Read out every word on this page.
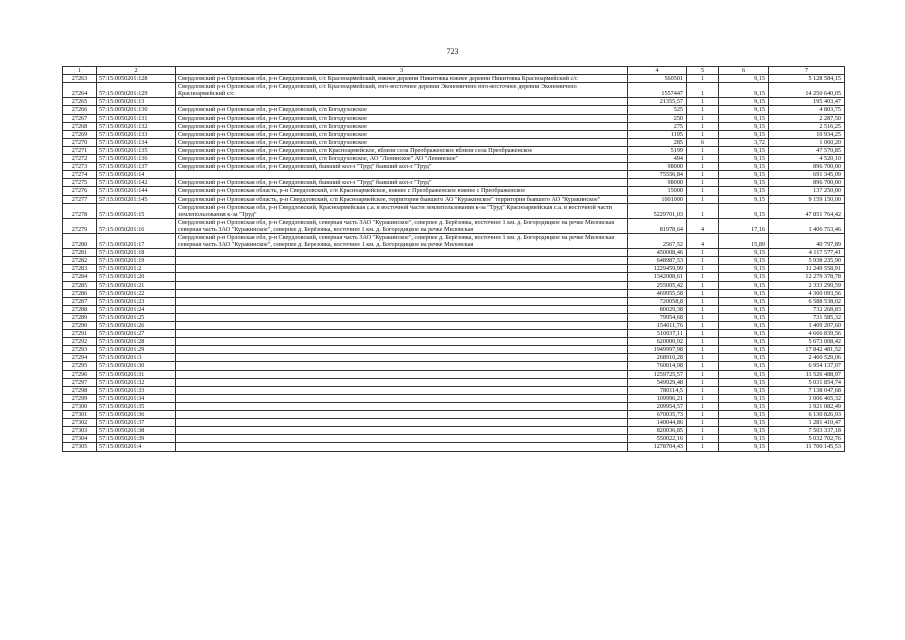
723
1	2	3	4	5	6	7
27263	57:15:0050201:128	Свердловский р-н Орловская обл, р-н Свердловский, с/с Красноармейский, южнее деревни Никитовка южнее деревни Никитовка Красноармейский с/с	560501	1	9,15	5 128 584,15
27264	57:15:0050201:129	Свердловский р-н Орловская обл, р-н Свердловский, с/с Красноармейский, юго-восточнее деревни Экономичено юго-восточнее деревни Экономичено Красноармейский с/с	1557447	1	9,15	14 250 640,05
27265	57:15:0050201:13		21355,57	1	9,15	195 403,47
27266	57:15:0050201:130	Свердловский р-н Орловская обл, р-н Свердловский, с/п Богодуховское	525	1	9,15	4 803,75
27267	57:15:0050201:131	Свердловский р-н Орловская обл, р-н Свердловский, с/п Богодуховское	250	1	9,15	2 287,50
27268	57:15:0050201:132	Свердловский р-н Орловская обл, р-н Свердловский, с/п Богодуховское	275	1	9,15	2 516,25
27269	57:15:0050201:133	Свердловский р-н Орловская обл, р-н Свердловский, с/п Богодуховское	1195	1	9,15	10 934,25
27270	57:15:0050201:134	Свердловский р-н Орловская обл, р-н Свердловский, с/п Богодуховское	285	6	3,72	1 060,20
27271	57:15:0050201:135	Свердловский р-н Орловская обл, р-н Свердловский, с/п Красноармейское, вблизи села Преображенское вблизи села Преображенское	5199	1	9,15	47 570,85
27272	57:15:0050201:136	Свердловский р-н Орловская обл, р-н Свердловский, с/п Богодуховское, АО "Ленинское" АО "Ленинское"	494	1	9,15	4 520,10
27273	57:15:0050201:137	Свердловский р-н Орловская обл, р-н Свердловский, бывший кол-з "Труд" бывший кол-з "Труд"	98000	1	9,15	896 700,00
27274	57:15:0050201:14		75556,84	1	9,15	691 345,09
27275	57:15:0050201:142	Свердловский р-н Орловская обл, р-н Свердловский, бывший кол-з "Труд" бывший кол-з "Труд"	98000	1	9,15	896 700,00
27276	57:15:0050201:144	Свердловский р-н Орловская область, р-н Свердловский, с/п Красноармейское, южнее с Преображенское южнее с Преображенское	15000	1	9,15	137 250,00
27277	57:15:0050201:145	Свердловский р-н Орловская область, р-н Свердловский, с/п Красноармейское, территория бывшего АО "Куракинское" территория бывшего АО "Куракинское"	1001000	1	9,15	9 159 150,00
27278	57:15:0050201:15	Свердловский р-н Орловская обл, р-н Свердловский, Красноармейская с.а. в восточной части землепользования к-за "Труд" Красноармейская с.а. в восточной части землепользования к-за "Труд"	5229701,03	1	9,15	47 851 764,42
27279	57:15:0050201:16	Свердловский р-н Орловская обл, р-н Свердловский, северная часть ЗАО "Куракинское", северпее д. Берёзовка, восточнее 1 км. д. Богородицкое на речке Миловская северная часть ЗАО "Куракинское", северпее д. Берёзовка, восточнее 1 км. д. Богородицкое на речке Миловская	81978,64	4	17,16	1 406 753,46
27280	57:15:0050201:17	Свердловский р-н Орловская обл, р-н Свердловский, северная часть ЗАО "Куракинское", северпее д. Берёзовка, восточнее 1 км. д. Богородицкое на речке Миловская северная часть ЗАО "Куракинское", северпее д. Березовка, восточнее 1 км. д. Богородицкое на речке Миловская	2567,52	4	15,89	40 797,89
27281	57:15:0050201:18		450008,46	1	9,15	4 117 577,41
27282	57:15:0050201:19		648987,53	1	9,15	5 938 235,90
27283	57:15:0050201:2		1229459,99	1	9,15	11 249 558,91
27284	57:15:0050201:20		1342008,61	1	9,15	12 279 378,78
27285	57:15:0050201:21		255005,42	1	9,15	2 333 299,59
27286	57:15:0050201:22		469955,58	1	9,15	4 300 093,56
27287	57:15:0050201:23		720058,8	1	9,15	6 588 538,02
27288	57:15:0050201:24		80029,38	1	9,15	732 268,83
27289	57:15:0050201:25		79954,68	1	9,15	731 585,32
27290	57:15:0050201:26		154011,76	1	9,15	1 409 207,60
27291	57:15:0050201:27		510037,11	1	9,15	4 666 839,56
27292	57:15:0050201:28		620000,92	1	9,15	5 673 008,42
27293	57:15:0050201:29		1949997,98	1	9,15	17 842 481,52
27294	57:15:0050201:3		268910,28	1	9,15	2 460 529,06
27295	57:15:0050201:30		760014,98	1	9,15	6 954 137,07
27296	57:15:0050201:31		1259725,57	1	9,15	11 526 488,97
27297	57:15:0050201:32		549929,48	1	9,15	5 031 854,74
27298	57:15:0050201:33		780114,5	1	9,15	7 138 047,68
27299	57:15:0050201:34		109996,21	1	9,15	1 006 465,32
27300	57:15:0050201:35		209954,57	1	9,15	1 921 082,49
27301	57:15:0050201:36		670035,73	1	9,15	6 130 826,93
27302	57:15:0050201:37		140044,86	1	9,15	1 281 410,47
27303	57:15:0050201:38		820036,85	1	9,15	7 503 337,18
27304	57:15:0050201:39		550022,16	1	9,15	5 032 702,76
27305	57:15:0050201:4		1278704,43	1	9,15	11 700 145,53
